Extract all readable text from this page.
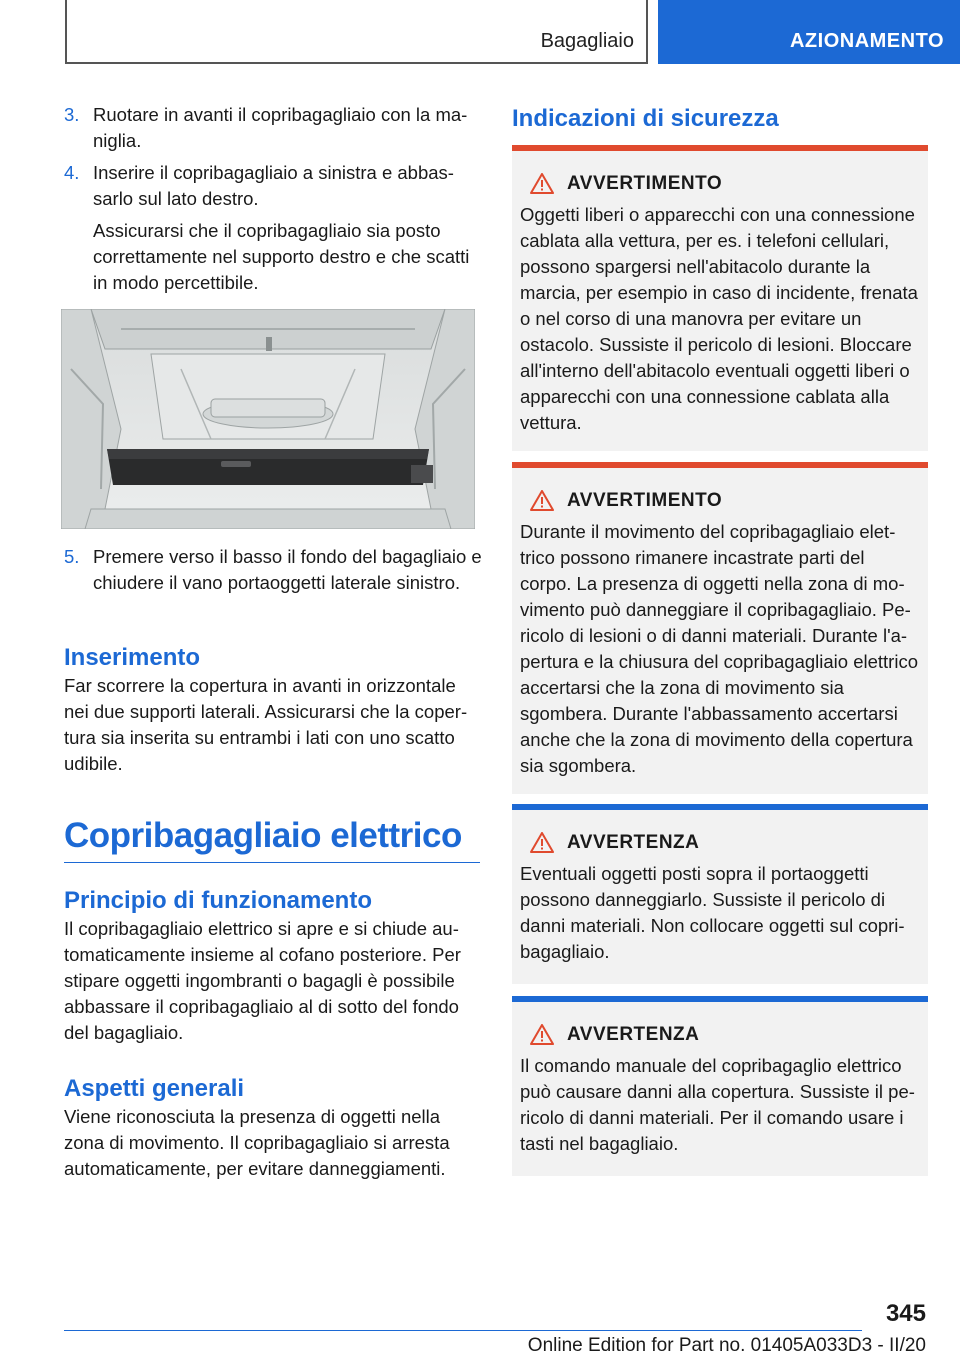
Bagagliaio	AZIONAMENTO
3. Ruotare in avanti il copribagagliaio con la maniglia.
4. Inserire il copribagagliaio a sinistra e abbassarlo sul lato destro.
Assicurarsi che il copribagagliaio sia posto correttamente nel supporto destro e che scatti in modo percettibile.
5. Premere verso il basso il fondo del bagagliaio e chiudere il vano portaoggetti laterale sinistro.
Inserimento
Far scorrere la copertura in avanti in orizzontale nei due supporti laterali. Assicurarsi che la copertura sia inserita su entrambi i lati con uno scatto udibile.
Copribagagliaio elettrico
Principio di funzionamento
Il copribagagliaio elettrico si apre e si chiude automaticamente insieme al cofano posteriore. Per stipare oggetti ingombranti o bagagli è possibile abbassare il copribagagliaio al di sotto del fondo del bagagliaio.
Aspetti generali
Viene riconosciuta la presenza di oggetti nella zona di movimento. Il copribagagliaio si arresta automaticamente, per evitare danneggiamenti.
Indicazioni di sicurezza
AVVERTIMENTO
Oggetti liberi o apparecchi con una connessione cablata alla vettura, per es. i telefoni cellulari, possono spargersi nell'abitacolo durante la marcia, per esempio in caso di incidente, frenata o nel corso di una manovra per evitare un ostacolo. Sussiste il pericolo di lesioni. Bloccare all'interno dell'abitacolo eventuali oggetti liberi o apparecchi con una connessione cablata alla vettura.
AVVERTIMENTO
Durante il movimento del copribagagliaio elettrico possono rimanere incastrate parti del corpo. La presenza di oggetti nella zona di movimento può danneggiare il copribagagliaio. Pericolo di lesioni o di danni materiali. Durante l'apertura e la chiusura del copribagagliaio elettrico accertarsi che la zona di movimento sia sgombera. Durante l'abbassamento accertarsi anche che la zona di movimento della copertura sia sgombera.
AVVERTENZA
Eventuali oggetti posti sopra il portaoggetti possono danneggiarlo. Sussiste il pericolo di danni materiali. Non collocare oggetti sul copribagagliaio.
AVVERTENZA
Il comando manuale del copribagaglio elettrico può causare danni alla copertura. Sussiste il pericolo di danni materiali. Per il comando usare i tasti nel bagagliaio.
345
Online Edition for Part no. 01405A033D3 - II/20
